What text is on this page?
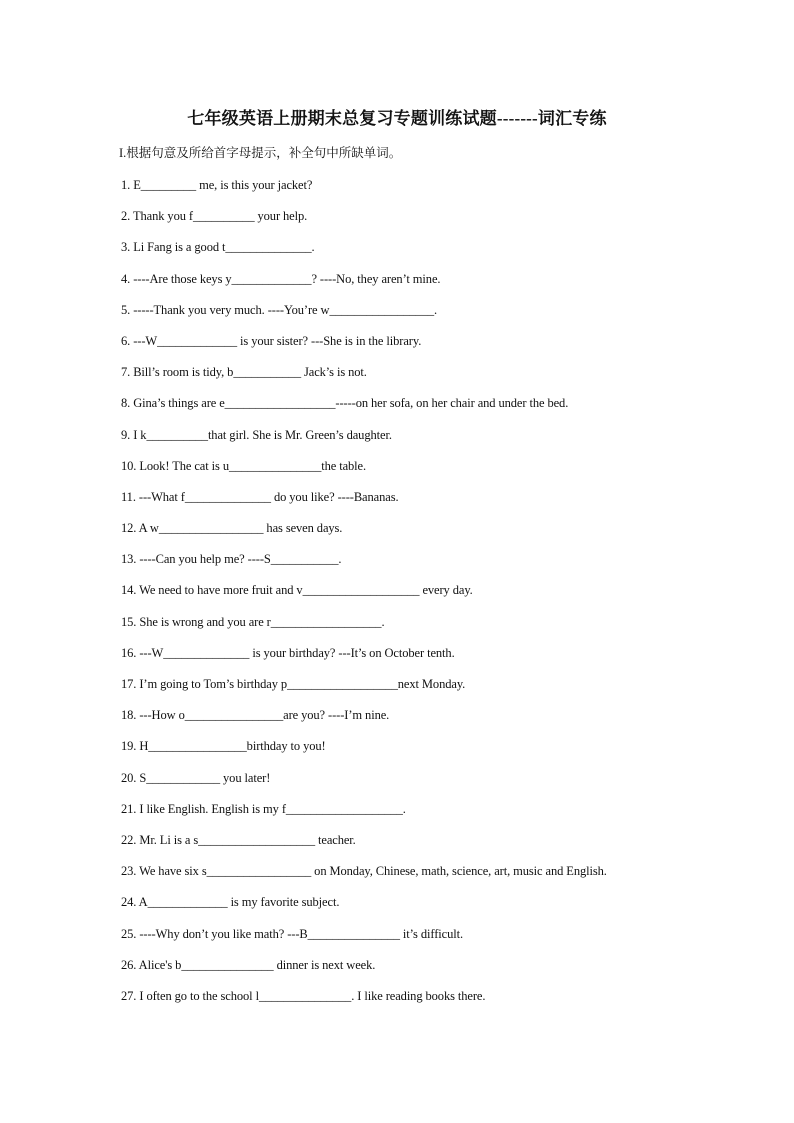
七年级英语上册期末总复习专题训练试题-------词汇专练
I.根据句意及所给首字母提示，补全句中所缺单词。
1. E_________ me, is this your jacket?
2. Thank you f__________ your help.
3. Li Fang is a good t______________.
4. ----Are those keys y_____________? ----No, they aren’t mine.
5. -----Thank you very much. ----You’re w_________________.
6. ---W_____________ is your sister? ---She is in the library.
7. Bill’s room is tidy, b___________ Jack’s is not.
8. Gina’s things are e__________________-----on her sofa, on her chair and under the bed.
9. I k__________that girl. She is Mr. Green’s daughter.
10. Look! The cat is u_______________the table.
11. ---What f______________ do you like? ----Bananas.
12. A w_________________ has seven days.
13. ----Can you help me? ----S___________.
14. We need to have more fruit and v___________________ every day.
15. She is wrong and you are r__________________.
16. ---W______________ is your birthday? ---It’s on October tenth.
17. I’m going to Tom’s birthday p__________________next Monday.
18. ---How o________________are you? ----I’m nine.
19. H________________birthday to you!
20. S____________ you later!
21. I like English. English is my f___________________.
22. Mr. Li is a s___________________ teacher.
23. We have six s_________________ on Monday, Chinese, math, science, art, music and English.
24. A_____________ is my favorite subject.
25. ----Why don’t you like math? ---B_______________ it’s difficult.
26. Alice's b_______________ dinner is next week.
27. I often go to the school l_______________. I like reading books there.
